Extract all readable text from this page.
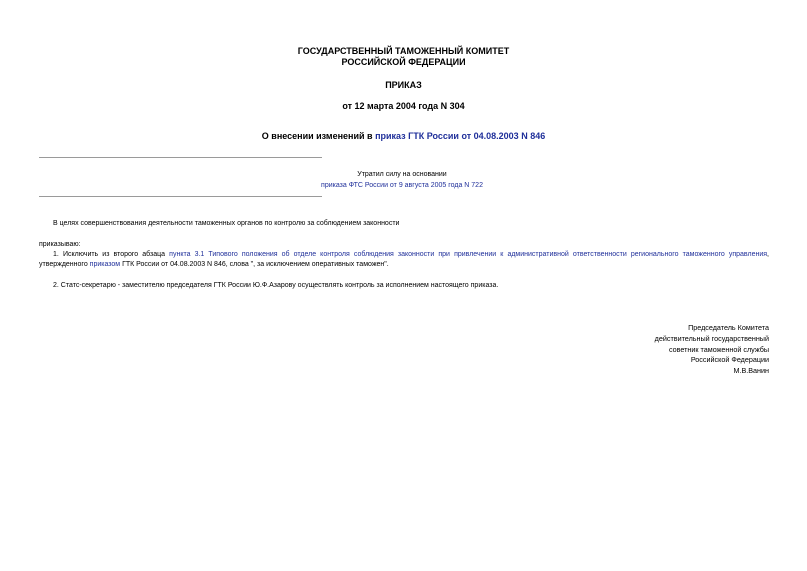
ГОСУДАРСТВЕННЫЙ ТАМОЖЕННЫЙ КОМИТЕТ
РОССИЙСКОЙ ФЕДЕРАЦИИ
ПРИКАЗ
от 12 марта 2004 года N 304
О внесении изменений в приказ ГТК России от 04.08.2003 N 846
Утратил силу на основании
приказа ФТС России от 9 августа 2005 года N 722
В целях совершенствования деятельности таможенных органов по контролю за соблюдением законности
приказываю:
1. Исключить из второго абзаца пункта 3.1 Типового положения об отделе контроля соблюдения законности при привлечении к административной ответственности регионального таможенного управления, утвержденного приказом ГТК России от 04.08.2003 N 846, слова ", за исключением оперативных таможен".
2. Статс-секретарю - заместителю председателя ГТК России Ю.Ф.Азарову осуществлять контроль за исполнением настоящего приказа.
Председатель Комитета
действительный государственный
советник таможенной службы
Российской Федерации
М.В.Ванин
